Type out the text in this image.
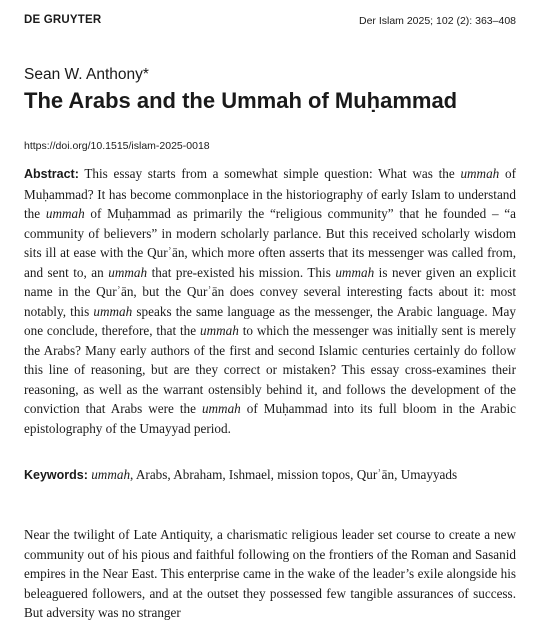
DE GRUYTER	Der Islam 2025; 102 (2): 363–408
Sean W. Anthony*
The Arabs and the Ummah of Muḥammad
https://doi.org/10.1515/islam-2025-0018

Abstract: This essay starts from a somewhat simple question: What was the ummah of Muḥammad? It has become commonplace in the historiography of early Islam to understand the ummah of Muḥammad as primarily the “religious community” that he founded – “a community of believers” in modern scholarly parlance. But this received scholarly wisdom sits ill at ease with the Qurʾān, which more often asserts that its messenger was called from, and sent to, an ummah that pre-existed his mission. This ummah is never given an explicit name in the Qurʾān, but the Qurʾān does convey several interesting facts about it: most notably, this ummah speaks the same language as the messenger, the Arabic language. May one conclude, therefore, that the ummah to which the messenger was initially sent is merely the Arabs? Many early authors of the first and second Islamic centuries certainly do follow this line of reasoning, but are they correct or mistaken? This essay cross-examines their reasoning, as well as the warrant ostensibly behind it, and follows the development of the conviction that Arabs were the ummah of Muḥammad into its full bloom in the Arabic epistolography of the Umayyad period.

Keywords: ummah, Arabs, Abraham, Ishmael, mission topos, Qurʾān, Umayyads

Near the twilight of Late Antiquity, a charismatic religious leader set course to create a new community out of his pious and faithful following on the frontiers of the Roman and Sasanid empires in the Near East. This enterprise came in the wake of the leader’s exile alongside his beleaguered followers, and at the outset they possessed few tangible assurances of success. But adversity was no stranger
